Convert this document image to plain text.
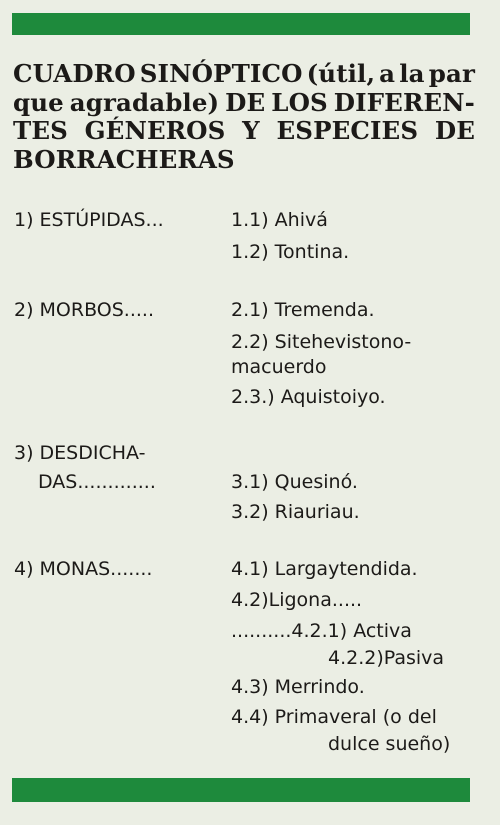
CUADRO SINÓPTICO (útil, a la par
que agradable) DE LOS DIFEREN-
TES GÉNEROS Y ESPECIES DE
BORRACHERAS
1) ESTÚPIDAS...	1.1) Ahivá
1.2) Tontina.
2) MORBOS.....	2.1) Tremenda.
2.2) Sitehevistono-
macuerdo
2.3.) Aquistoiyo.
3) DESDICHA-
DAS.............	3.1) Quesinó.
3.2) Riauriau.
4) MONAS.......	4.1) Largaytendida.
4.2)Ligona.....
..........4.2.1) Activa
4.2.2)Pasiva
4.3) Merrindo.
4.4) Primaveral (o del
dulce sueño)
